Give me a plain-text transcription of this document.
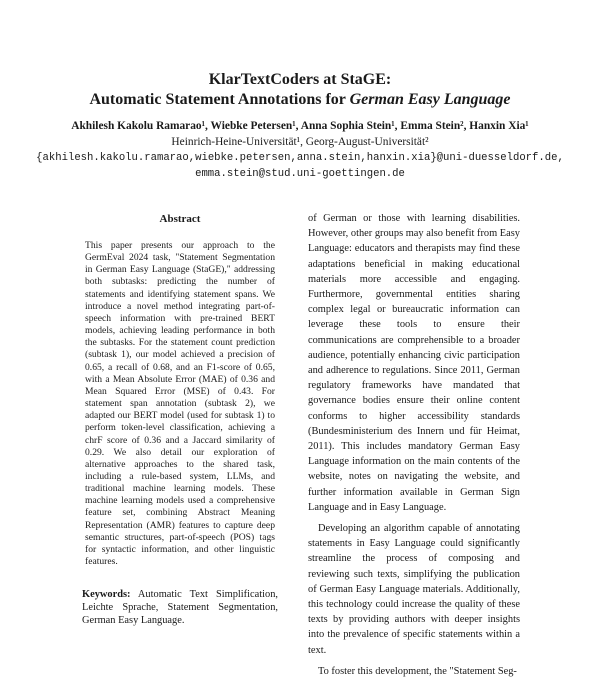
KlarTextCoders at StaGE:

Automatic Statement Annotations for German Easy Language

Akhilesh Kakolu Ramarao¹, Wiebke Petersen¹, Anna Sophia Stein¹, Emma Stein², Hanxin Xia¹
Heinrich-Heine-Universität¹, Georg-August-Universität²
{akhilesh.kakolu.ramarao,wiebke.petersen,anna.stein,hanxin.xia}@uni-duesseldorf.de,
emma.stein@stud.uni-goettingen.de
Abstract

This paper presents our approach to the GermEval 2024 task, "Statement Segmentation in German Easy Language (StaGE)," addressing both subtasks: predicting the number of statements and identifying statement spans. We introduce a novel method integrating part-of-speech information with pre-trained BERT models, achieving leading performance in both the subtasks. For the statement count prediction (subtask 1), our model achieved a precision of 0.65, a recall of 0.68, and an F1-score of 0.65, with a Mean Absolute Error (MAE) of 0.36 and Mean Squared Error (MSE) of 0.43. For statement span annotation (subtask 2), we adapted our BERT model (used for subtask 1) to perform token-level classification, achieving a chrF score of 0.36 and a Jaccard similarity of 0.29. We also detail our exploration of alternative approaches to the shared task, including a rule-based system, LLMs, and traditional machine learning models. These machine learning models used a comprehensive feature set, combining Abstract Meaning Representation (AMR) features to capture deep semantic structures, part-of-speech (POS) tags for syntactic information, and other linguistic features.

Keywords: Automatic Text Simplification, Leichte Sprache, Statement Segmentation, German Easy Language.

of German or those with learning disabilities. However, other groups may also benefit from Easy Language: educators and therapists may find these adaptations beneficial in making educational materials more accessible and engaging. Furthermore, governmental entities sharing complex legal or bureaucratic information can leverage these tools to ensure their communications are comprehensible to a broader audience, potentially enhancing civic participation and adherence to regulations. Since 2011, German regulatory frameworks have mandated that governance bodies ensure their online content conforms to higher accessibility standards (Bundesministerium des Innern und für Heimat, 2011). This includes mandatory German Easy Language information on the main contents of the website, notes on navigating the website, and further information available in German Sign Language and in Easy Language.

Developing an algorithm capable of annotating statements in Easy Language could significantly streamline the process of composing and reviewing such texts, simplifying the publication of German Easy Language materials. Additionally, this technology could increase the quality of these texts by providing authors with deeper insights into the prevalence of specific statements within a text.

To foster this development, the "Statement Seg-
